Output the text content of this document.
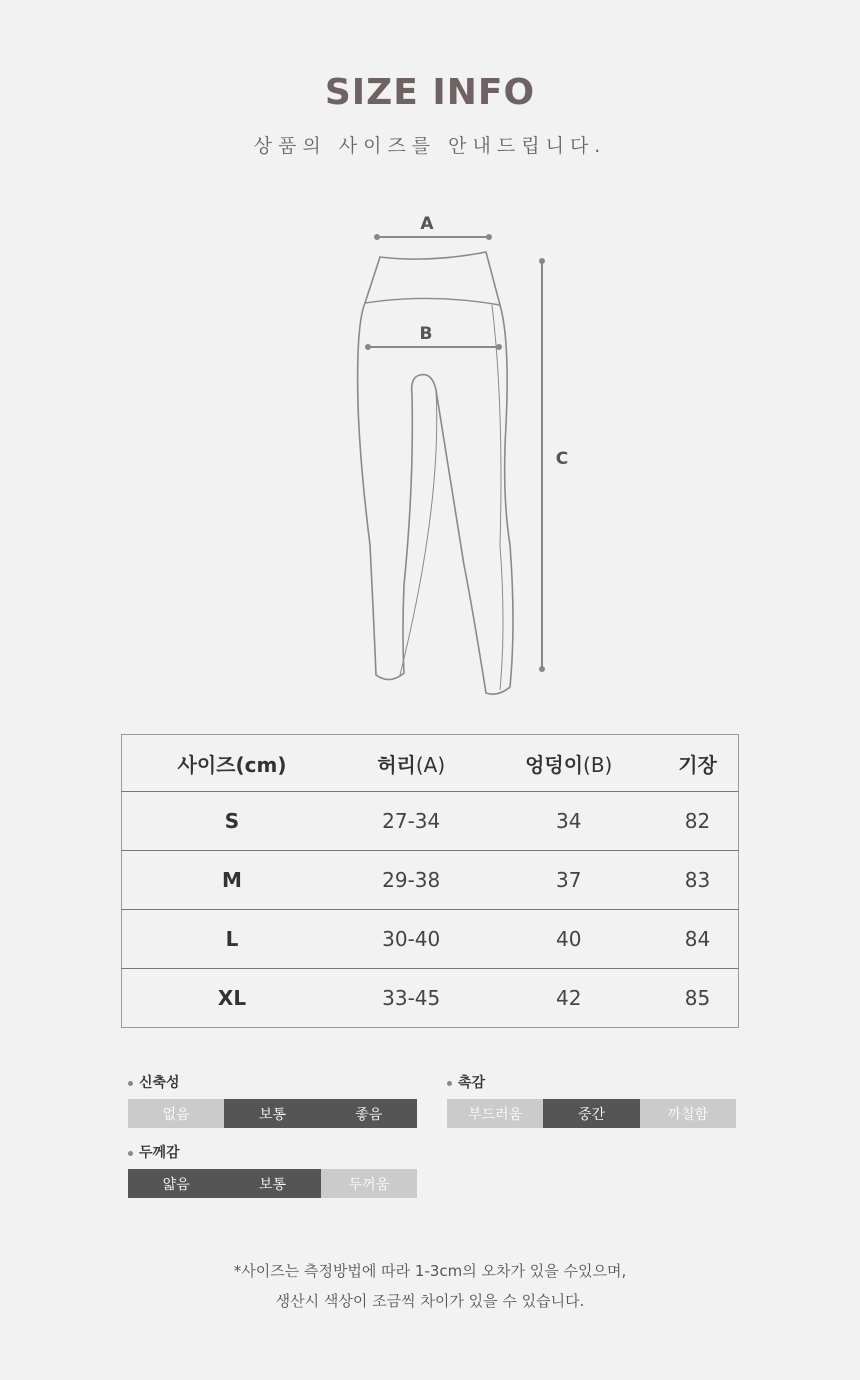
SIZE INFO
상품의 사이즈를 안내드립니다.
A
B
C
사이즈(cm)	허리(A)	엉덩이(B)	기장
S	27-34	34	82
M	29-38	37	83
L	30-40	40	84
XL	33-45	42	85
신축성
없음	보통	좋음
촉감
부드러움	중간	까칠함
두께감
얇음	보통	두꺼움
*사이즈는 측정방법에 따라 1-3cm의 오차가 있을 수있으며,
생산시 색상이 조금씩 차이가 있을 수 있습니다.
